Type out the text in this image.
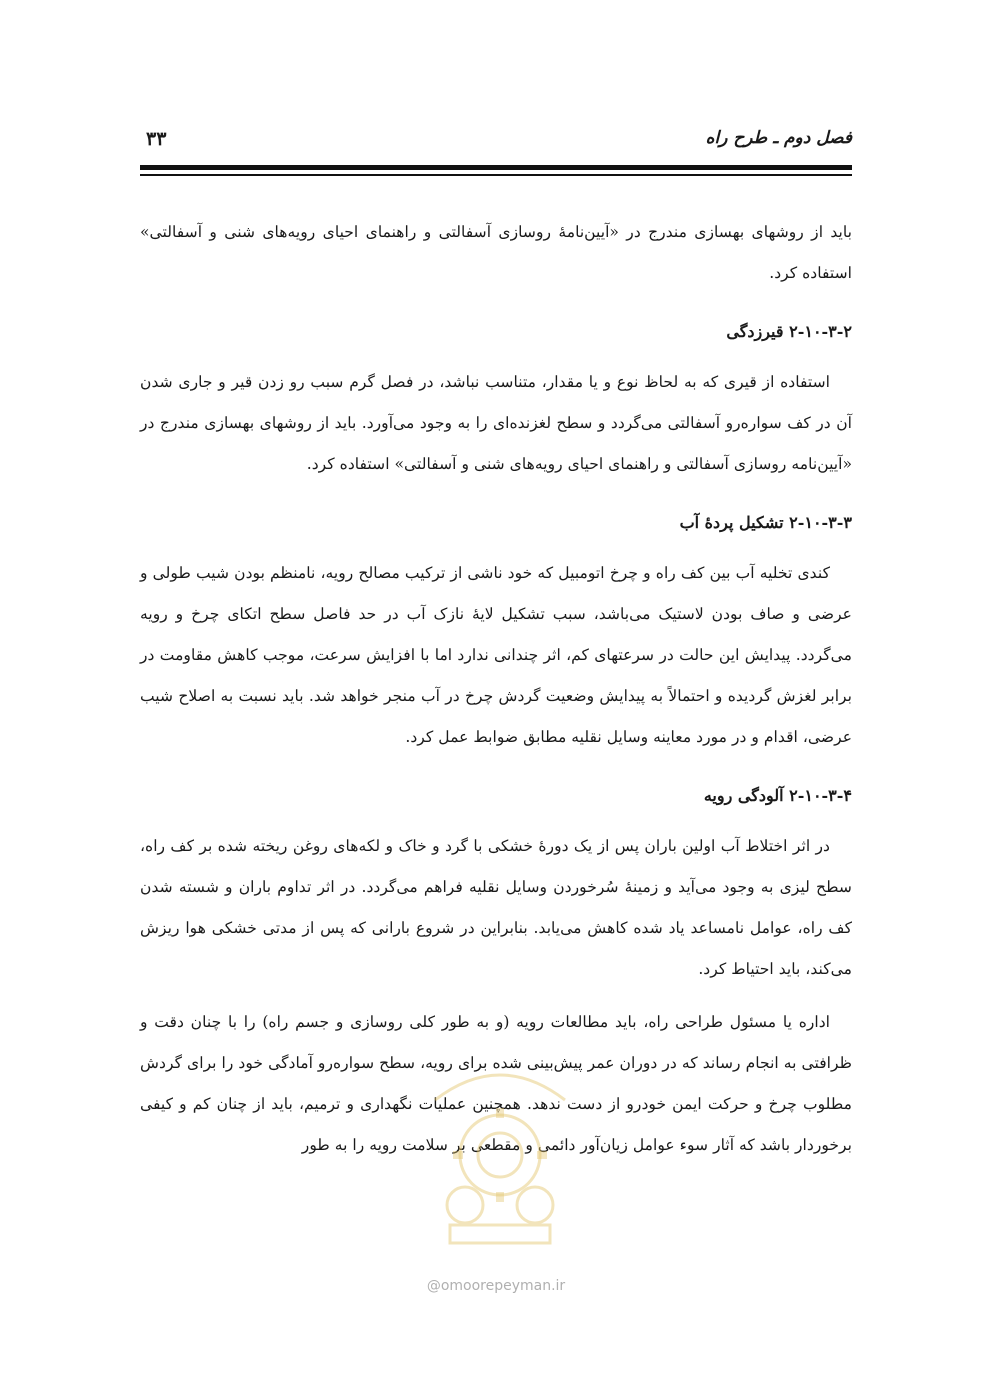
فصل دوم ـ طرح راه
۳۳

باید از روشهای بهسازی مندرج در «آیین‌نامهٔ روسازی آسفالتی و راهنمای احیای رویه‌های شنی و آسفالتی» استفاده کرد.

۲-۱۰-۳-۲ قیرزدگی

استفاده از قیری که به لحاظ نوع و یا مقدار، متناسب نباشد، در فصل گرم سبب رو زدن قیر و جاری شدن آن در کف سواره‌رو آسفالتی می‌گردد و سطح لغزنده‌ای را به وجود می‌آورد. باید از روشهای بهسازی مندرج در «آیین‌نامه روسازی آسفالتی و راهنمای احیای رویه‌های شنی و آسفالتی» استفاده کرد.

۲-۱۰-۳-۳ تشکیل پردهٔ آب

کندی تخلیه آب بین کف راه و چرخ اتومبیل که خود ناشی از ترکیب مصالح رویه، نامنظم بودن شیب طولی و عرضی و صاف بودن لاستیک می‌باشد، سبب تشکیل لایهٔ نازک آب در حد فاصل سطح اتکای چرخ و رویه می‌گردد. پیدایش این حالت در سرعتهای کم، اثر چندانی ندارد اما با افزایش سرعت، موجب کاهش مقاومت در برابر لغزش گردیده و احتمالاً به پیدایش وضعیت گردش چرخ در آب منجر خواهد شد. باید نسبت به اصلاح شیب عرضی، اقدام و در مورد معاینه وسایل نقلیه مطابق ضوابط عمل کرد.

۲-۱۰-۳-۴ آلودگی رویه

در اثر اختلاط آب اولین باران پس از یک دورهٔ خشکی با گرد و خاک و لکه‌های روغن ریخته شده بر کف راه، سطح لیزی به وجود می‌آید و زمینهٔ سُرخوردن وسایل نقلیه فراهم می‌گردد. در اثر تداوم باران و شسته شدن کف راه، عوامل نامساعد یاد شده کاهش می‌یابد. بنابراین در شروع بارانی که پس از مدتی خشکی هوا ریزش می‌کند، باید احتیاط کرد.

اداره یا مسئول طراحی راه، باید مطالعات رویه (و به طور کلی روسازی و جسم راه) را با چنان دقت و ظرافتی به انجام رساند که در دوران عمر پیش‌بینی شده برای رویه، سطح سواره‌رو آمادگی خود را برای گردش مطلوب چرخ و حرکت ایمن خودرو از دست ندهد. همچنین عملیات نگهداری و ترمیم، باید از چنان کم و کیفی برخوردار باشد که آثار سوء عوامل زیان‌آور دائمی و مقطعی بر سلامت رویه را به طور

@omoorepeyman.ir
